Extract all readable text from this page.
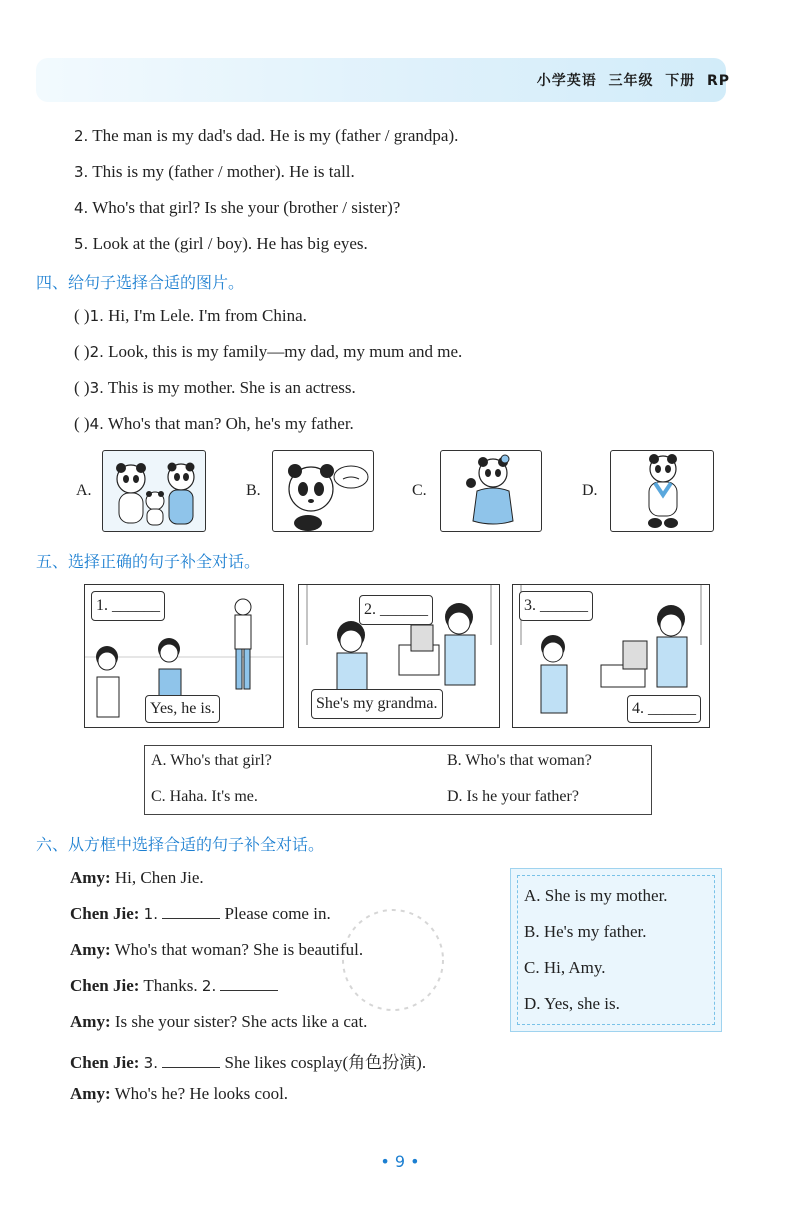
小学英语 三年级 下册 RP
2. The man is my dad's dad. He is my (father / grandpa).
3. This is my (father / mother). He is tall.
4. Who's that girl? Is she your (brother / sister)?
5. Look at the (girl / boy). He has big eyes.
四、给句子选择合适的图片。
( )1. Hi, I'm Lele. I'm from China.
( )2. Look, this is my family—my dad, my mum and me.
( )3. This is my mother. She is an actress.
( )4. Who's that man? Oh, he's my father.
A.	B.	C.	D.
五、选择正确的句子补全对话。
1. ______
Yes, he is.
2. ______
She's my grandma.
3. ______
4. ______
A. Who's that girl?	B. Who's that woman?
C. Haha. It's me.	D. Is he your father?
六、从方框中选择合适的句子补全对话。
Amy: Hi, Chen Jie.
Chen Jie: 1.	Please come in.
Amy: Who's that woman? She is beautiful.
Chen Jie: Thanks. 2.
Amy: Is she your sister? She acts like a cat.
Chen Jie: 3.	She likes cosplay(角色扮演).
Amy: Who's he? He looks cool.
A. She is my mother.
B. He's my father.
C. Hi, Amy.
D. Yes, she is.
• 9 •
